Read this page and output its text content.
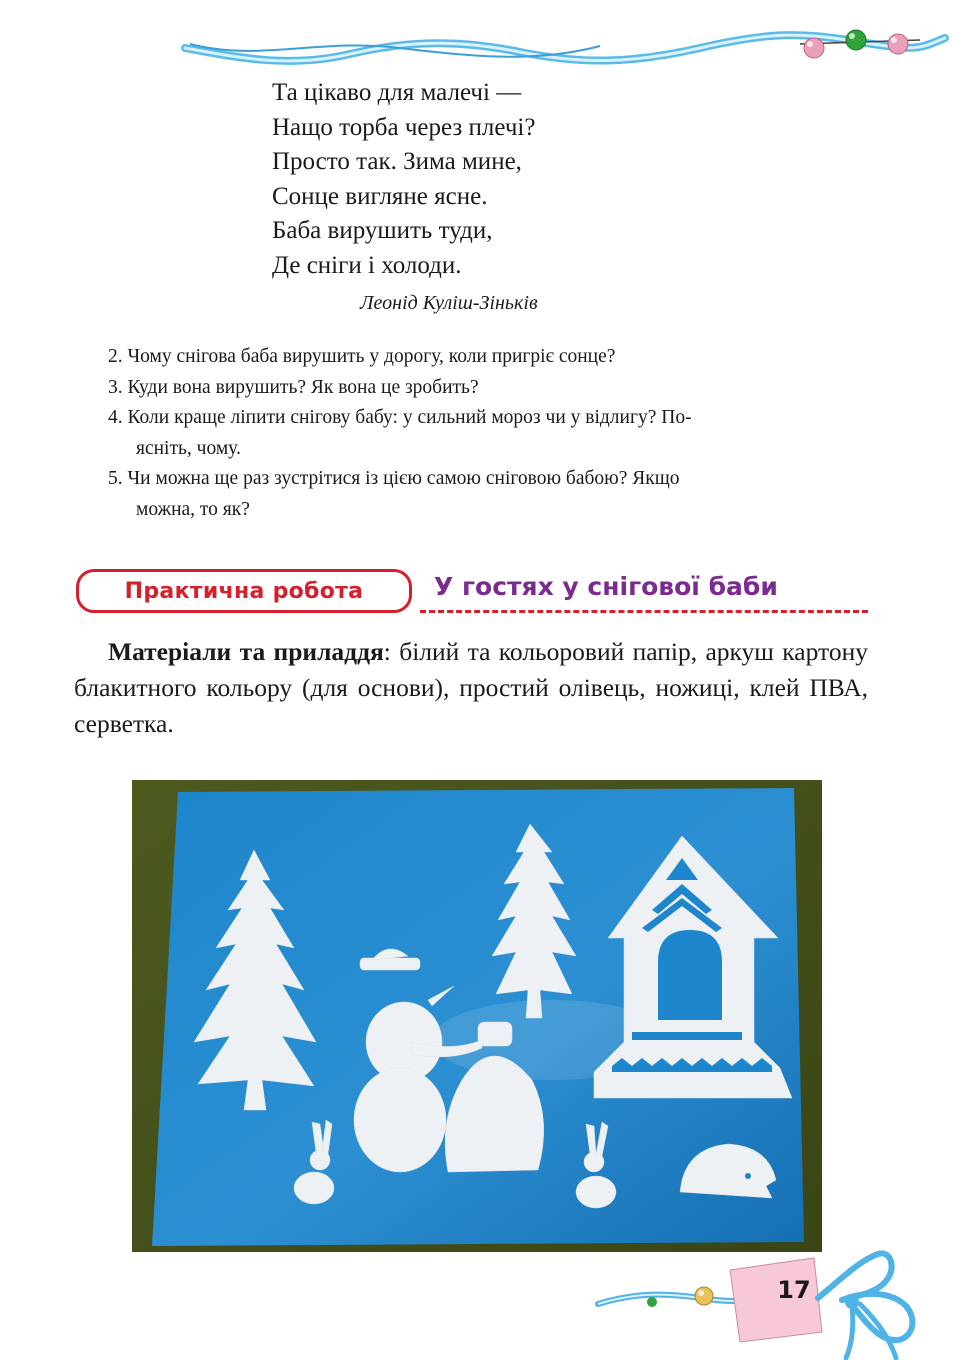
Та цікаво для малечі —
Нащо торба через плечі?
Просто так. Зима мине,
Сонце вигляне ясне.
Баба вирушить туди,
Де сніги і холоди.
Леонід Куліш-Зіньків
2. Чому снігова баба вирушить у дорогу, коли пригріє сонце?
3. Куди вона вирушить? Як вона це зробить?
4. Коли краще ліпити снігову бабу: у сильний мороз чи у відлигу? По-
ясніть, чому.
5. Чи можна ще раз зустрітися із цією самою сніговою бабою? Якщо
можна, то як?
Практична робота	У гостях у снігової баби

Матеріали та приладдя: білий та кольоровий папір, аркуш картону блакитного кольору (для основи), простий олівець, ножиці, клей ПВА, серветка.

17
